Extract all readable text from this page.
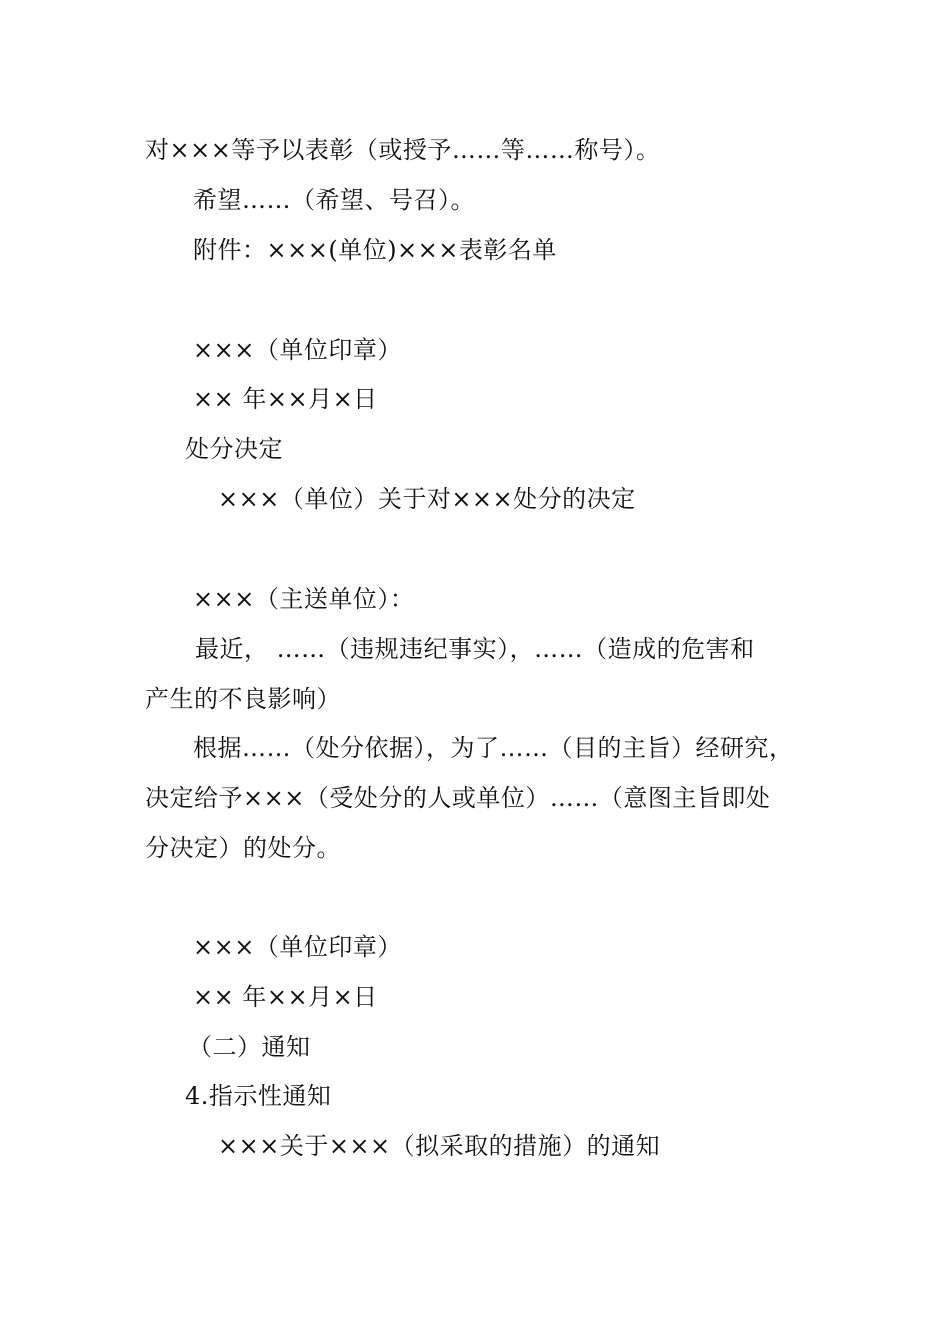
对×××等予以表彰（或授予……等……称号）。
希望……（希望、号召）。
附件：×××(单位)×××表彰名单
×××（单位印章）
×× 年××月×日
处分决定
×××（单位）关于对×××处分的决定
×××（主送单位）：
最近， ……（违规违纪事实），……（造成的危害和
产生的不良影响）
根据……（处分依据），为了……（目的主旨）经研究，
决定给予×××（受处分的人或单位）……（意图主旨即处
分决定）的处分。
×××（单位印章）
×× 年××月×日
（二）通知
4.指示性通知
×××关于×××（拟采取的措施）的通知
